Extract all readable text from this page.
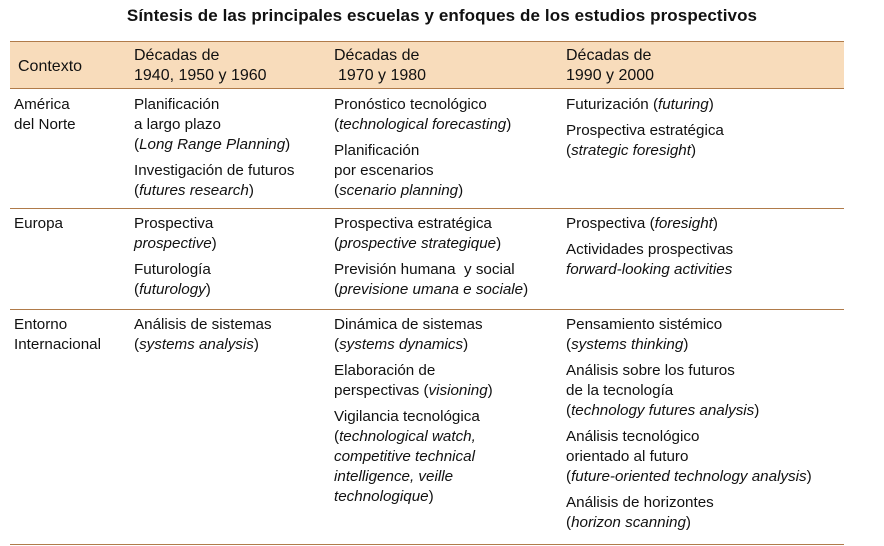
Síntesis de las principales escuelas y enfoques de los estudios prospectivos
Contexto
Décadas de
1940, 1950 y 1960
Décadas de
1970 y 1980
Décadas de
1990 y 2000
América
del Norte

Planificación
a largo plazo
(Long Range Planning)

Investigación de futuros
(futures research)

Pronóstico tecnológico
(technological forecasting)

Planificación
por escenarios
(scenario planning)

Futurización (futuring)

Prospectiva estratégica
(strategic foresight)

Europa	Prospectiva
prospective)

Futurología
(futurology)

Prospectiva estratégica
(prospective strategique)

Previsión humana  y social
(previsione umana e sociale)

Prospectiva (foresight)

Actividades prospectivas
forward-looking activities

Entorno
Internacional

Análisis de sistemas
(systems analysis)

Dinámica de sistemas
(systems dynamics)

Elaboración de
perspectivas (visioning)

Vigilancia tecnológica
(technological watch,
competitive technical
intelligence, veille
technologique)

Pensamiento sistémico
(systems thinking)

Análisis sobre los futuros
de la tecnología
(technology futures analysis)

Análisis tecnológico
orientado al futuro
(future-oriented technology analysis)

Análisis de horizontes
(horizon scanning)
